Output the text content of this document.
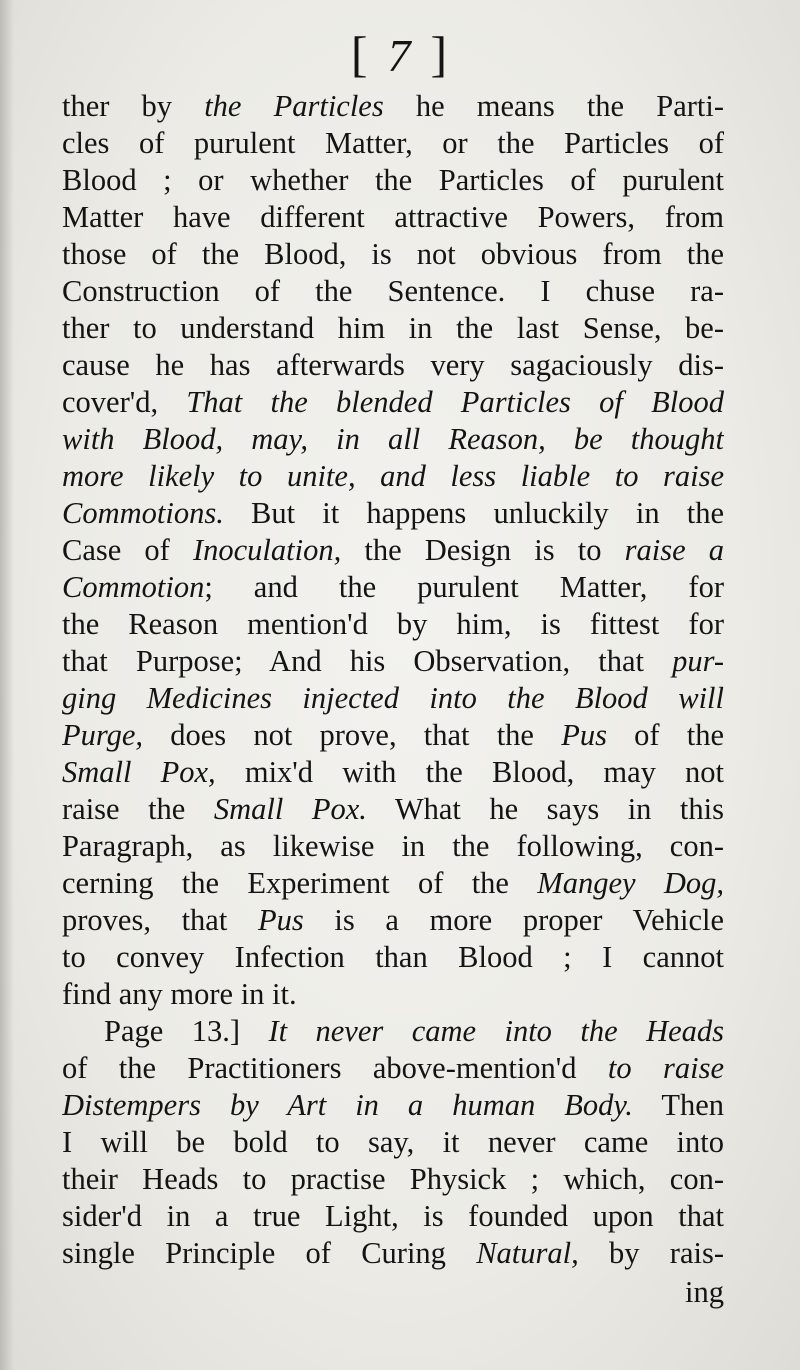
[ 7 ]
ther by the Particles he means the Parti-
cles of purulent Matter, or the Particles of
Blood ; or whether the Particles of purulent
Matter have different attractive Powers, from
those of the Blood, is not obvious from the
Construction of the Sentence. I chuse ra-
ther to understand him in the last Sense, be-
cause he has afterwards very sagaciously dis-
cover'd, That the blended Particles of Blood
with Blood, may, in all Reason, be thought
more likely to unite, and less liable to raise
Commotions. But it happens unluckily in the
Case of Inoculation, the Design is to raise a
Commotion; and the purulent Matter, for
the Reason mention'd by him, is fittest for
that Purpose; And his Observation, that pur-
ging Medicines injected into the Blood will
Purge, does not prove, that the Pus of the
Small Pox, mix'd with the Blood, may not
raise the Small Pox. What he says in this
Paragraph, as likewise in the following, con-
cerning the Experiment of the Mangey Dog,
proves, that Pus is a more proper Vehicle
to convey Infection than Blood ; I cannot
find any more in it.
Page 13.] It never came into the Heads
of the Practitioners above-mention'd to raise
Distempers by Art in a human Body. Then
I will be bold to say, it never came into
their Heads to practise Physick ; which, con-
sider'd in a true Light, is founded upon that
single Principle of Curing Natural, by rais-
ing
